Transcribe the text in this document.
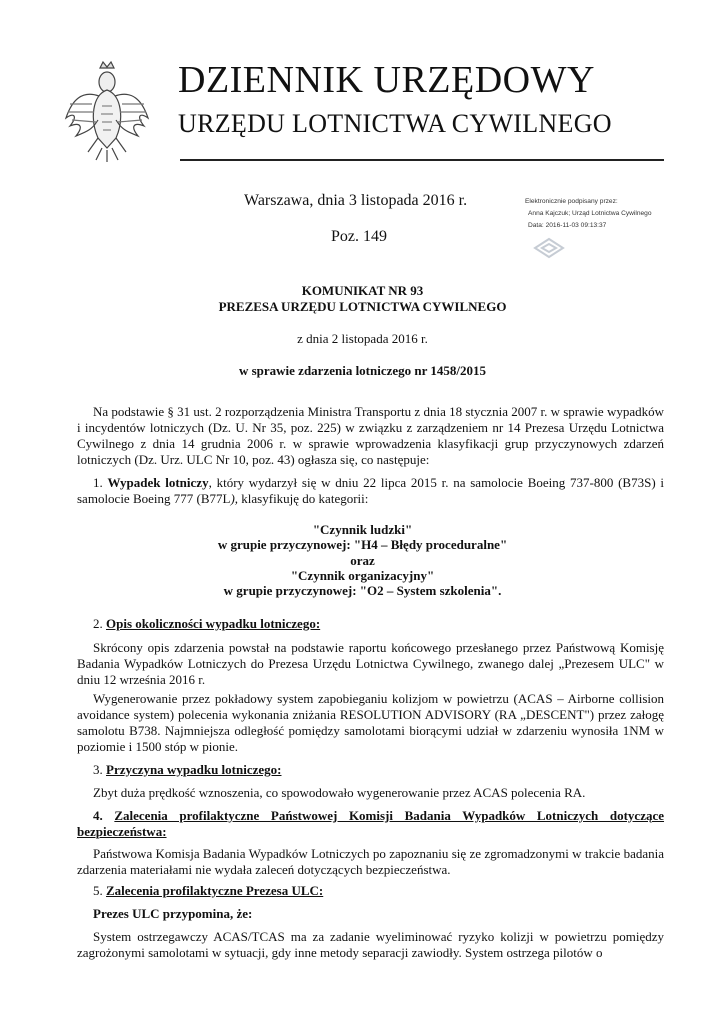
DZIENNIK URZĘDOWY
URZĘDU LOTNICTWA CYWILNEGO
Warszawa, dnia 3 listopada 2016 r.
Poz. 149
Elektronicznie podpisany przez:
Anna Kajczuk; Urząd Lotnictwa Cywilnego
Data: 2016-11-03 09:13:37
KOMUNIKAT NR 93
PREZESA URZĘDU LOTNICTWA CYWILNEGO
z dnia 2 listopada 2016 r.
w sprawie zdarzenia lotniczego nr 1458/2015

Na podstawie § 31 ust. 2 rozporządzenia Ministra Transportu z dnia 18 stycznia 2007 r. w sprawie wypadków i incydentów lotniczych (Dz. U. Nr 35, poz. 225) w związku z zarządzeniem nr 14 Prezesa Urzędu Lotnictwa Cywilnego z dnia 14 grudnia 2006 r. w sprawie wprowadzenia klasyfikacji grup przyczynowych zdarzeń lotniczych (Dz. Urz. ULC Nr 10, poz. 43) ogłasza się, co następuje:

1. Wypadek lotniczy, który wydarzył się w dniu 22 lipca 2015 r. na samolocie Boeing 737-800 (B73S) i samolocie Boeing 777 (B77L), klasyfikuję do kategorii:

"Czynnik ludzki"
w grupie przyczynowej: "H4 – Błędy proceduralne"
oraz
"Czynnik organizacyjny"
w grupie przyczynowej: "O2 – System szkolenia".

2. Opis okoliczności wypadku lotniczego:

Skrócony opis zdarzenia powstał na podstawie raportu końcowego przesłanego przez Państwową Komisję Badania Wypadków Lotniczych do Prezesa Urzędu Lotnictwa Cywilnego, zwanego dalej „Prezesem ULC" w dniu 12 września 2016 r.

Wygenerowanie przez pokładowy system zapobieganiu kolizjom w powietrzu (ACAS – Airborne collision avoidance system) polecenia wykonania zniżania RESOLUTION ADVISORY (RA „DESCENT") przez załogę samolotu B738. Najmniejsza odległość pomiędzy samolotami biorącymi udział w zdarzeniu wynosiła 1NM w poziomie i 1500 stóp w pionie.

3. Przyczyna wypadku lotniczego:

Zbyt duża prędkość wznoszenia, co spowodowało wygenerowanie przez ACAS polecenia RA.

4. Zalecenia profilaktyczne Państwowej Komisji Badania Wypadków Lotniczych dotyczące bezpieczeństwa:

Państwowa Komisja Badania Wypadków Lotniczych po zapoznaniu się ze zgromadzonymi w trakcie badania zdarzenia materiałami nie wydała zaleceń dotyczących bezpieczeństwa.

5. Zalecenia profilaktyczne Prezesa ULC:

Prezes ULC przypomina, że:

System ostrzegawczy ACAS/TCAS ma za zadanie wyeliminować ryzyko kolizji w powietrzu pomiędzy zagrożonymi samolotami w sytuacji, gdy inne metody separacji zawiodły. System ostrzega pilotów o
